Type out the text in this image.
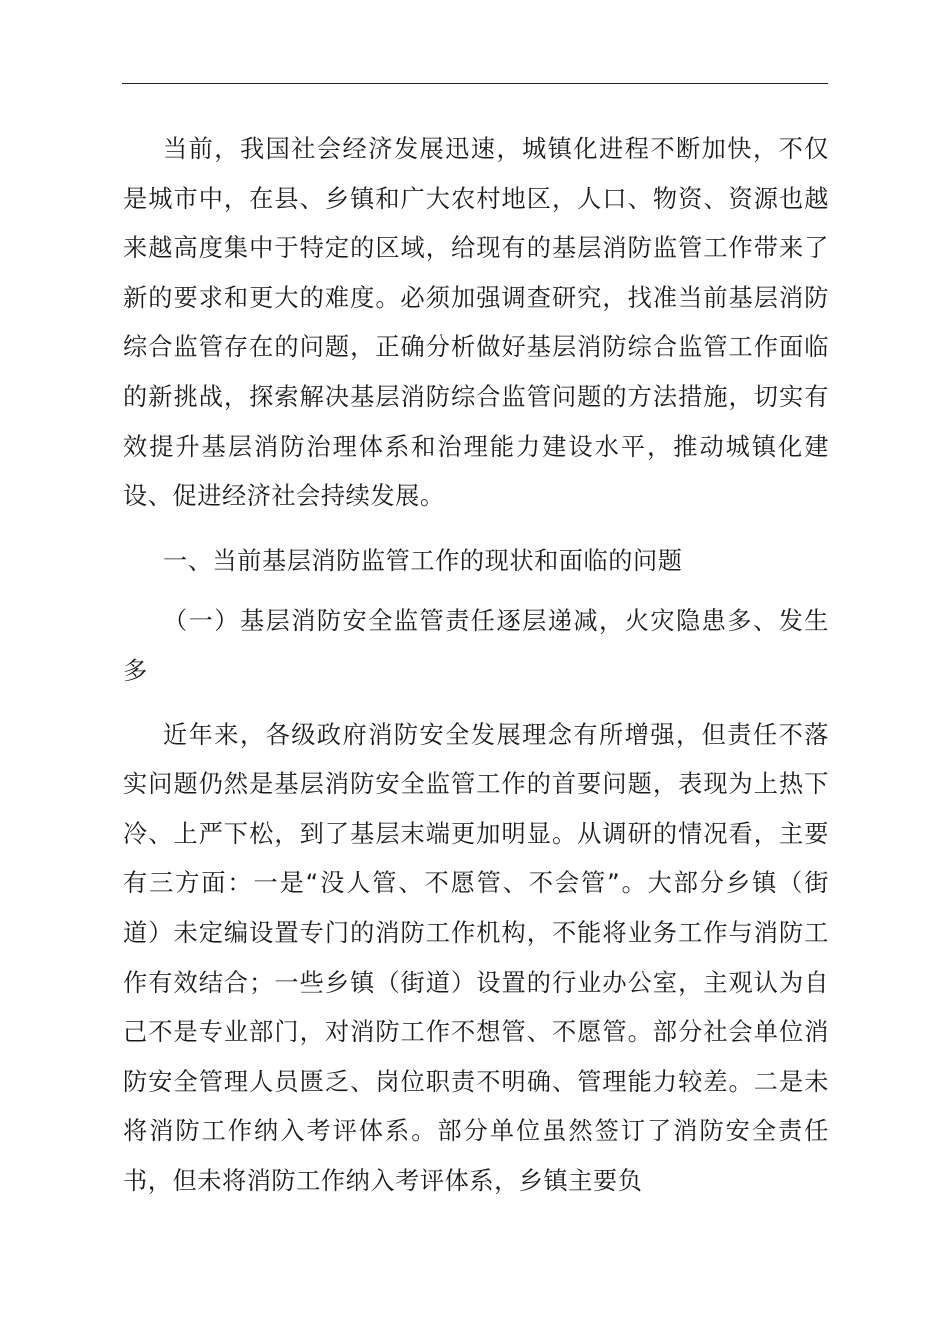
当前，我国社会经济发展迅速，城镇化进程不断加快，不仅是城市中，在县、乡镇和广大农村地区，人口、物资、资源也越来越高度集中于特定的区域，给现有的基层消防监管工作带来了新的要求和更大的难度。必须加强调查研究，找准当前基层消防综合监管存在的问题，正确分析做好基层消防综合监管工作面临的新挑战，探索解决基层消防综合监管问题的方法措施，切实有效提升基层消防治理体系和治理能力建设水平，推动城镇化建设、促进经济社会持续发展。

一、当前基层消防监管工作的现状和面临的问题

（一）基层消防安全监管责任逐层递减，火灾隐患多、发生多

近年来，各级政府消防安全发展理念有所增强，但责任不落实问题仍然是基层消防安全监管工作的首要问题，表现为上热下冷、上严下松，到了基层末端更加明显。从调研的情况看，主要有三方面：一是“没人管、不愿管、不会管”。大部分乡镇（街道）未定编设置专门的消防工作机构，不能将业务工作与消防工作有效结合；一些乡镇（街道）设置的行业办公室，主观认为自己不是专业部门，对消防工作不想管、不愿管。部分社会单位消防安全管理人员匮乏、岗位职责不明确、管理能力较差。二是未将消防工作纳入考评体系。部分单位虽然签订了消防安全责任书，但未将消防工作纳入考评体系，乡镇主要负
